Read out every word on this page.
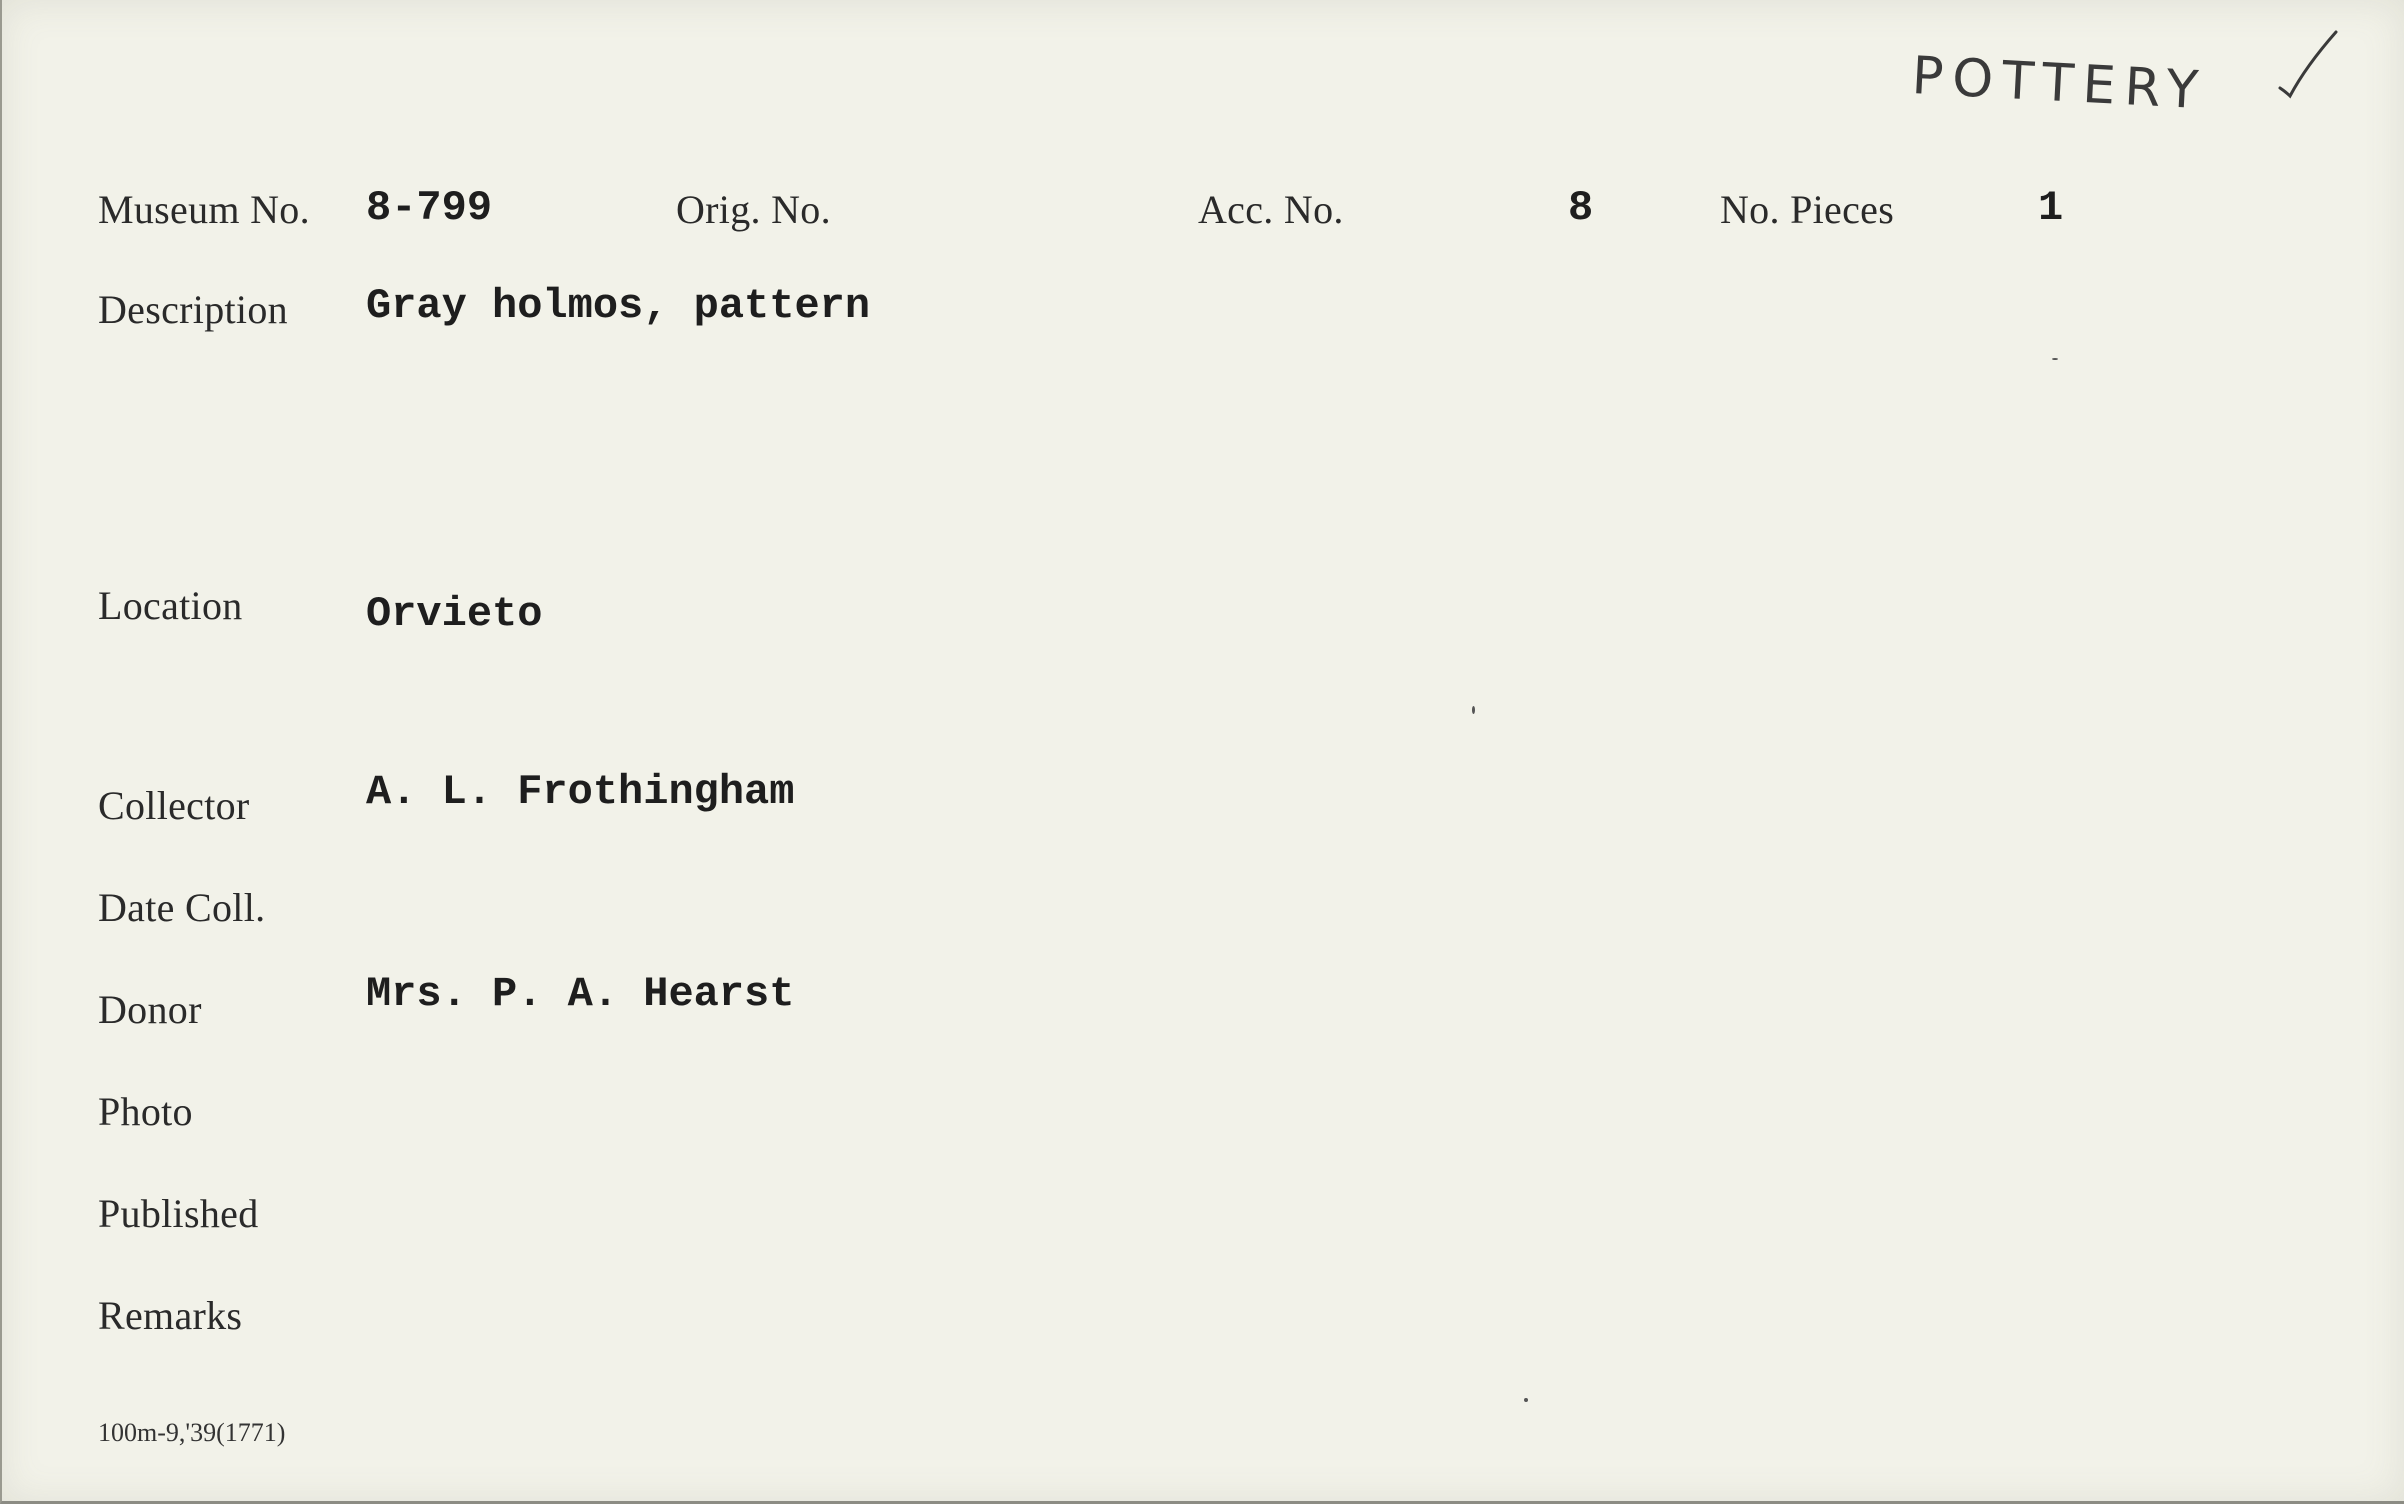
POTTERY
Museum No. 8-799	Orig. No.	Acc. No.	8	No. Pieces	1
Description Gray holmos, pattern
Location	Orvieto
Collector	A. L. Frothingham
Date Coll.
Donor	Mrs. P. A. Hearst
Photo
Published
Remarks
100m-9,'39(1771)
